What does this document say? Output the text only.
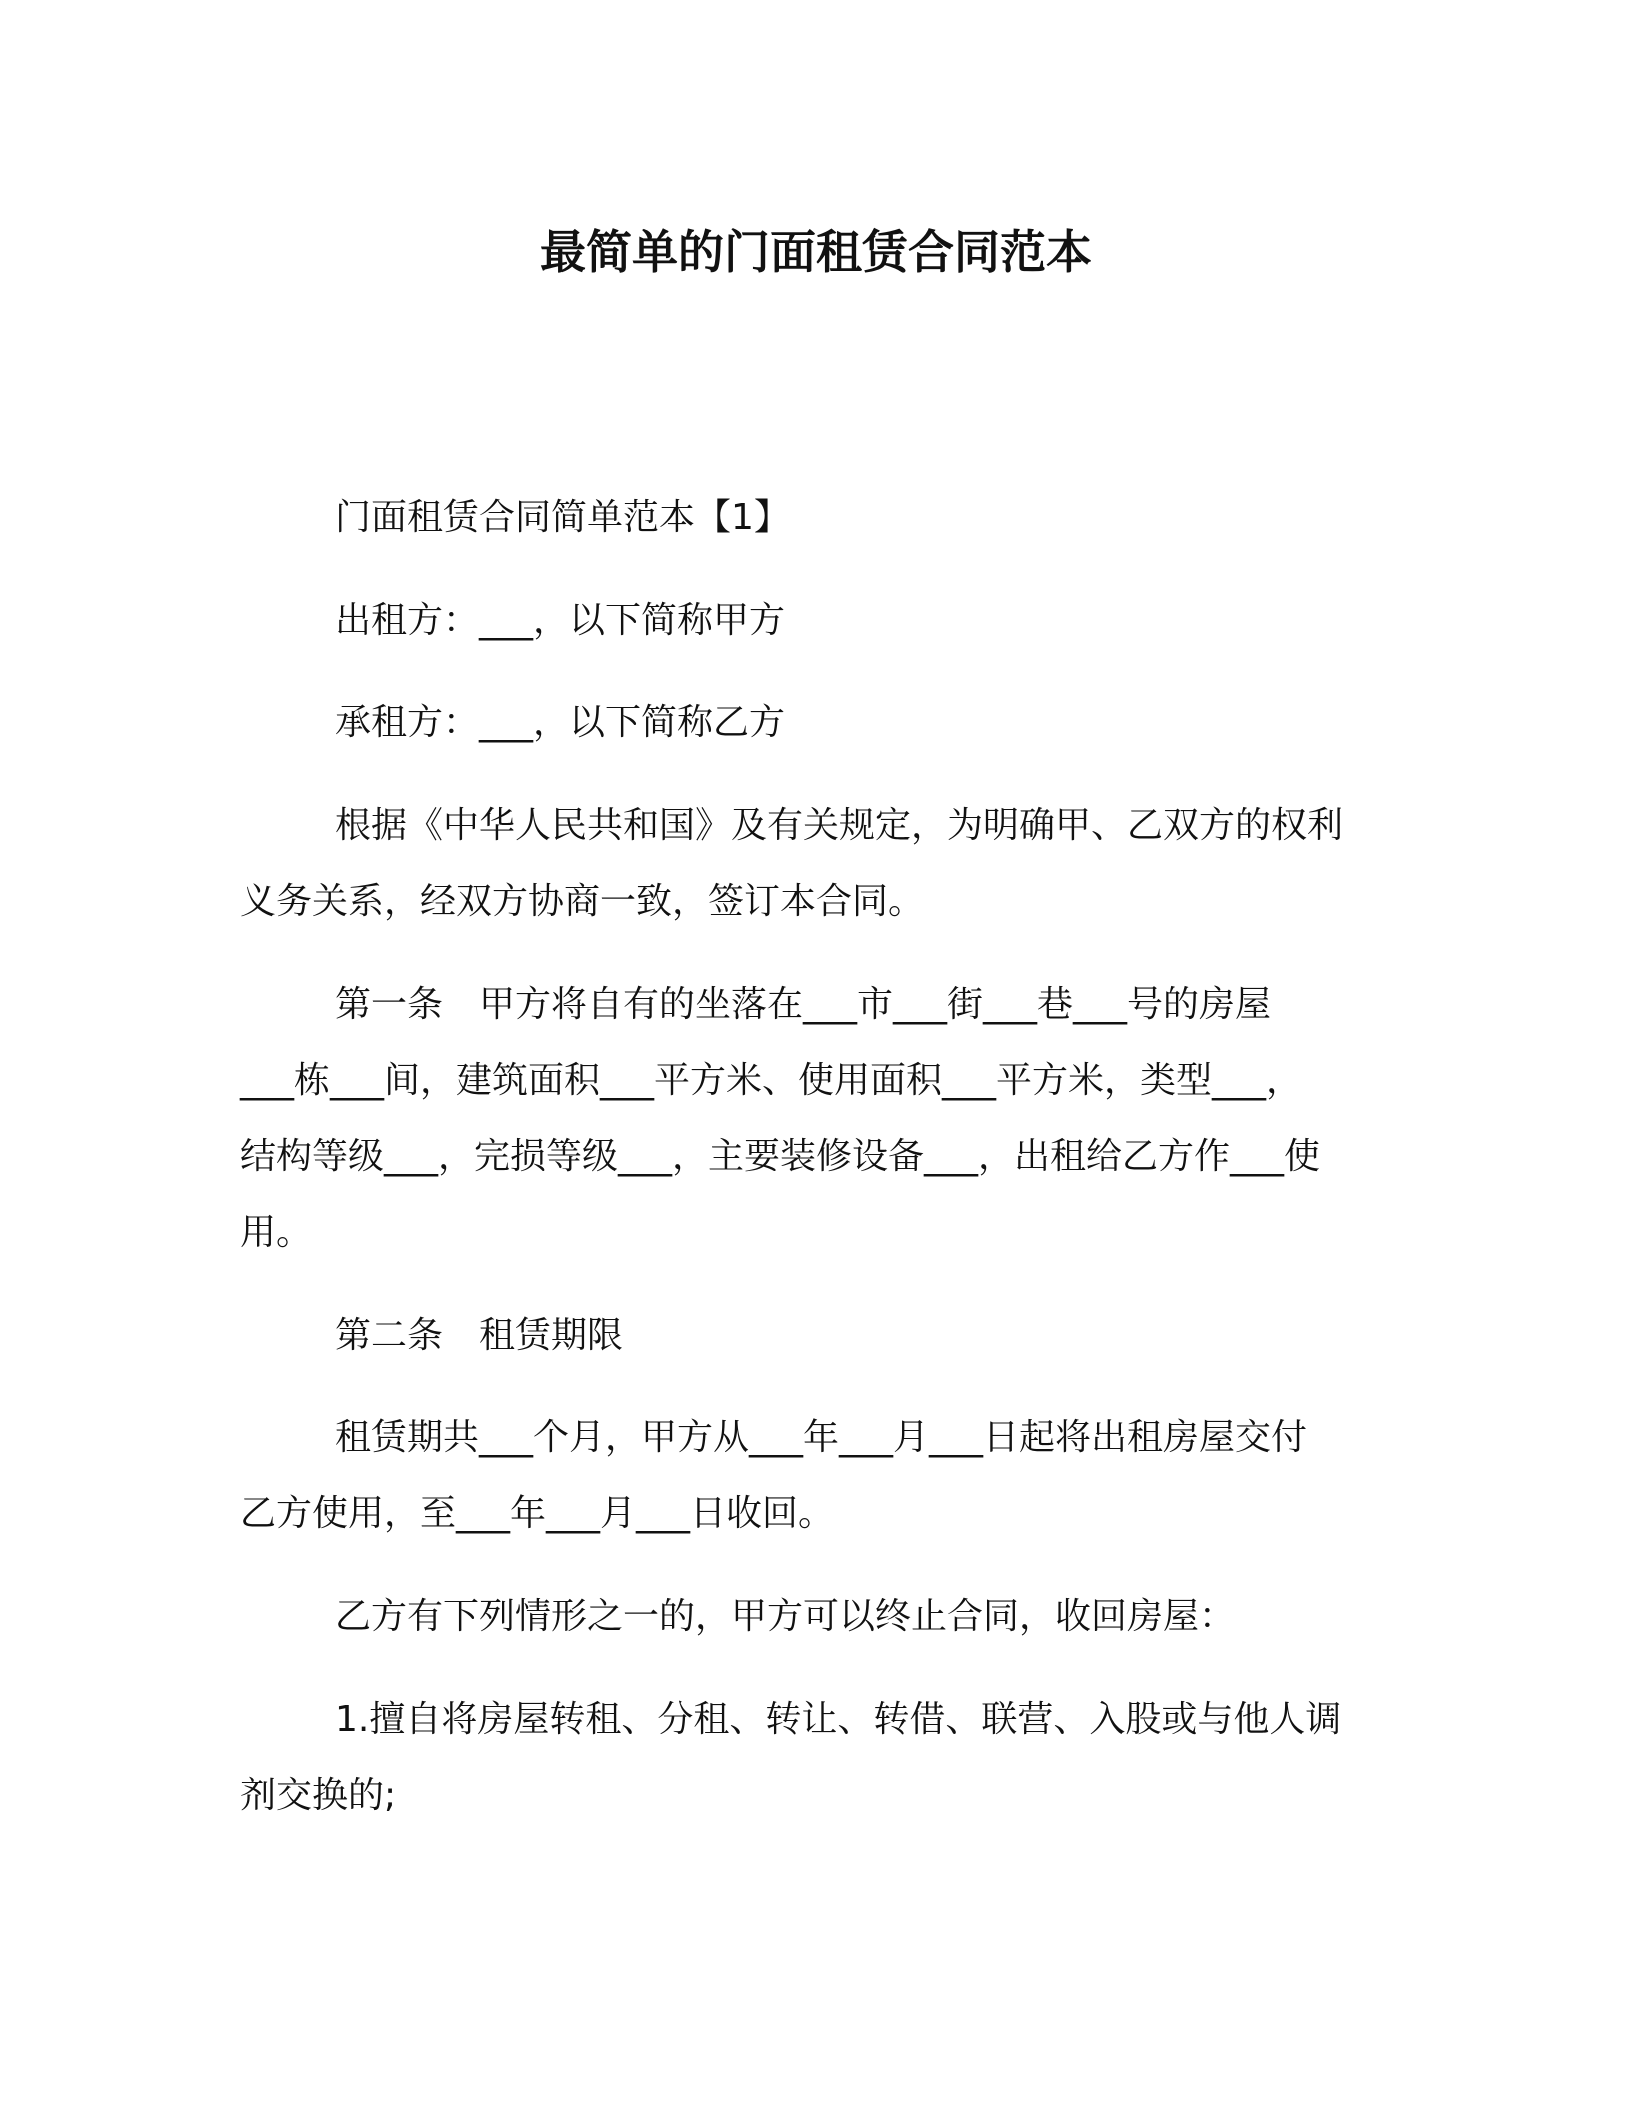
最简单的门面租赁合同范本
门面租赁合同简单范本【1】
出租方：___，以下简称甲方
承租方：___，以下简称乙方
根据《中华人民共和国》及有关规定，为明确甲、乙双方的权利
义务关系，经双方协商一致，签订本合同。
第一条　甲方将自有的坐落在___市___街___巷___号的房屋
___栋___间，建筑面积___平方米、使用面积___平方米，类型___，
结构等级___，完损等级___，主要装修设备___，出租给乙方作___使
用。
第二条　租赁期限
租赁期共___个月，甲方从___年___月___日起将出租房屋交付
乙方使用，至___年___月___日收回。
乙方有下列情形之一的，甲方可以终止合同，收回房屋：
1.擅自将房屋转租、分租、转让、转借、联营、入股或与他人调
剂交换的;
